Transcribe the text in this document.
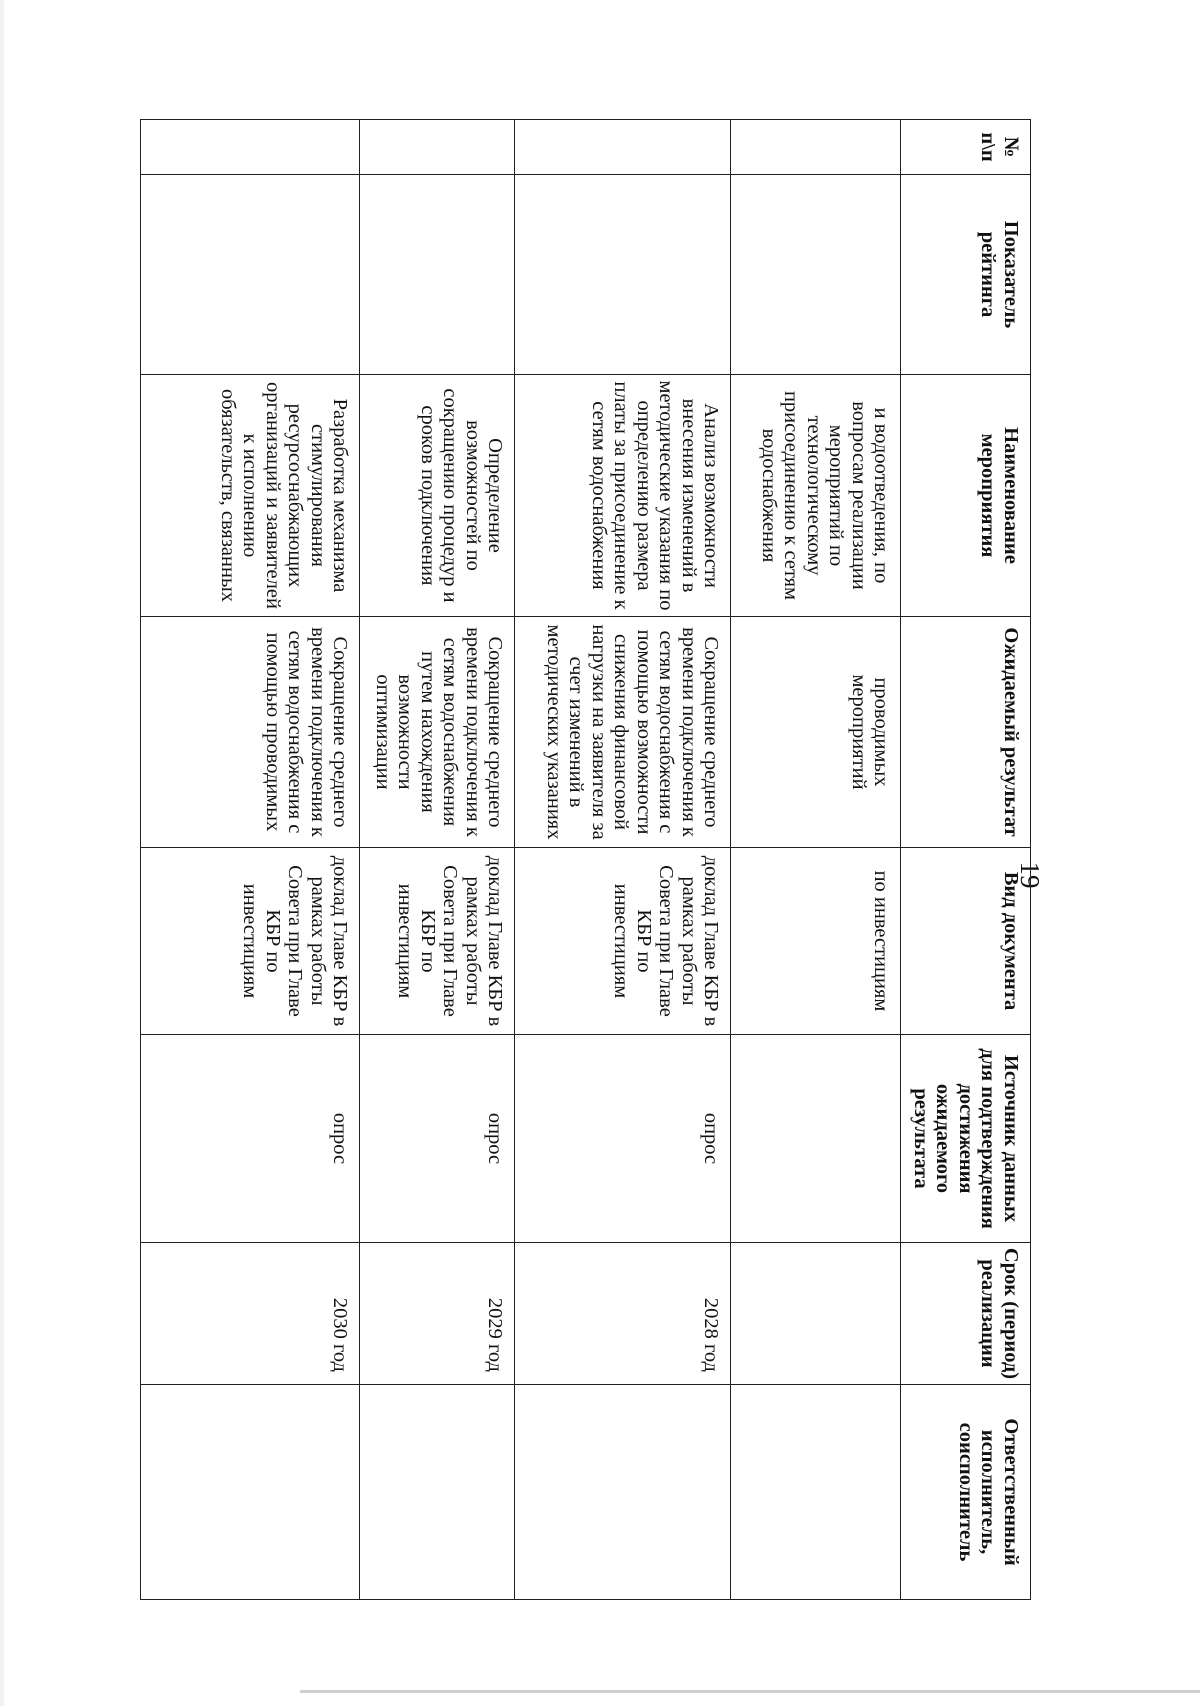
19
№ п\п	Показатель рейтинга	Наименование мероприятия	Ожидаемый результат	Вид документа	Источник данных для подтверждения достижения ожидаемого результата	Срок (период) реализации	Ответственный исполнитель, соисполнитель
		и водоотведения, по вопросам реализации мероприятий по технологическому присоединению к сетям водоснабжения	проводимых мероприятий	по инвестициям			
		Анализ возможности внесения изменений в методические указания по определению размера платы за присоединение к сетям водоснабжения	Сокращение среднего времени подключения к сетям водоснабжения с помощью возможности снижения финансовой нагрузки на заявителя за счет изменений в методических указаниях	доклад Главе КБР в рамках работы Совета при Главе КБР по инвестициям	опрос	2028 год	
		Определение возможностей по сокращению процедур и сроков подключения	Сокращение среднего времени подключения к сетям водоснабжения путем нахождения возможности оптимизации	доклад Главе КБР в рамках работы Совета при Главе КБР по инвестициям	опрос	2029 год	
		Разработка механизма стимулирования ресурсоснабжающих организаций и заявителей к исполнению обязательств, связанных	Сокращение среднего времени подключения к сетям водоснабжения с помощью проводимых	доклад Главе КБР в рамках работы Совета при Главе КБР по инвестициям	опрос	2030 год	
